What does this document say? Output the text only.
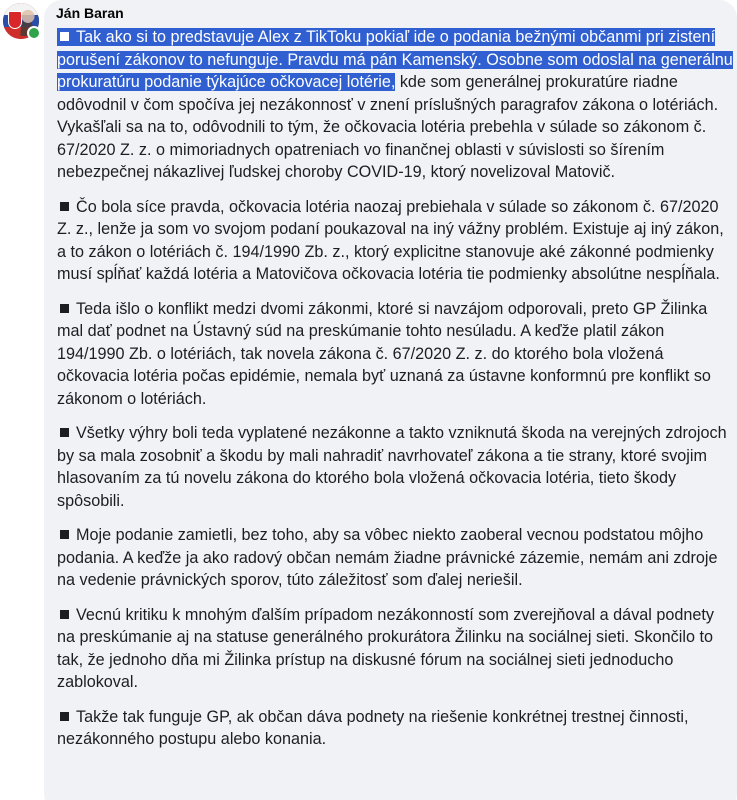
Ján Baran

Tak ako si to predstavuje Alex z TikToku pokiaľ ide o podania bežnými občanmi pri zistení porušení zákonov to nefunguje. Pravdu má pán Kamenský. Osobne som odoslal na generálnu prokuratúru podanie týkajúce očkovacej lotérie, kde som generálnej prokuratúre riadne odôvodnil v čom spočíva jej nezákonnosť v znení príslušných paragrafov zákona o lotériách. Vykašľali sa na to, odôvodnili to tým, že očkovacia lotéria prebehla v súlade so zákonom č. 67/2020 Z. z. o mimoriadnych opatreniach vo finančnej oblasti v súvislosti so šírením nebezpečnej nákazlivej ľudskej choroby COVID-19, ktorý novelizoval Matovič.

Čo bola síce pravda, očkovacia lotéria naozaj prebiehala v súlade so zákonom č. 67/2020 Z. z., lenže ja som vo svojom podaní poukazoval na iný vážny problém. Existuje aj iný zákon, a to zákon o lotériách č. 194/1990 Zb. z., ktorý explicitne stanovuje aké zákonné podmienky musí spĺňať každá lotéria a Matovičova očkovacia lotéria tie podmienky absolútne nespĺňala.

Teda išlo o konflikt medzi dvomi zákonmi, ktoré si navzájom odporovali, preto GP Žilinka mal dať podnet na Ústavný súd na preskúmanie tohto nesúladu. A keďže platil zákon 194/1990 Zb. o lotériách, tak novela zákona č. 67/2020 Z. z. do ktorého bola vložená očkovacia lotéria počas epidémie, nemala byť uznaná za ústavne konformnú pre konflikt so zákonom o lotériách.

Všetky výhry boli teda vyplatené nezákonne a takto vzniknutá škoda na verejných zdrojoch by sa mala zosobniť a škodu by mali nahradiť navrhovateľ zákona a tie strany, ktoré svojim hlasovaním za tú novelu zákona do ktorého bola vložená očkovacia lotéria, tieto škody spôsobili.

Moje podanie zamietli, bez toho, aby sa vôbec niekto zaoberal vecnou podstatou môjho podania. A keďže ja ako radový občan nemám žiadne právnické zázemie, nemám ani zdroje na vedenie právnických sporov, túto záležitosť som ďalej neriešil.

Vecnú kritiku k mnohým ďalším prípadom nezákonností som zverejňoval a dával podnety na preskúmanie aj na statuse generálného prokurátora Žilinku na sociálnej sieti. Skončilo to tak, že jednoho dňa mi Žilinka prístup na diskusné fórum na sociálnej sieti jednoducho zablokoval.

Takže tak funguje GP, ak občan dáva podnety na riešenie konkrétnej trestnej činnosti, nezákonného postupu alebo konania.
